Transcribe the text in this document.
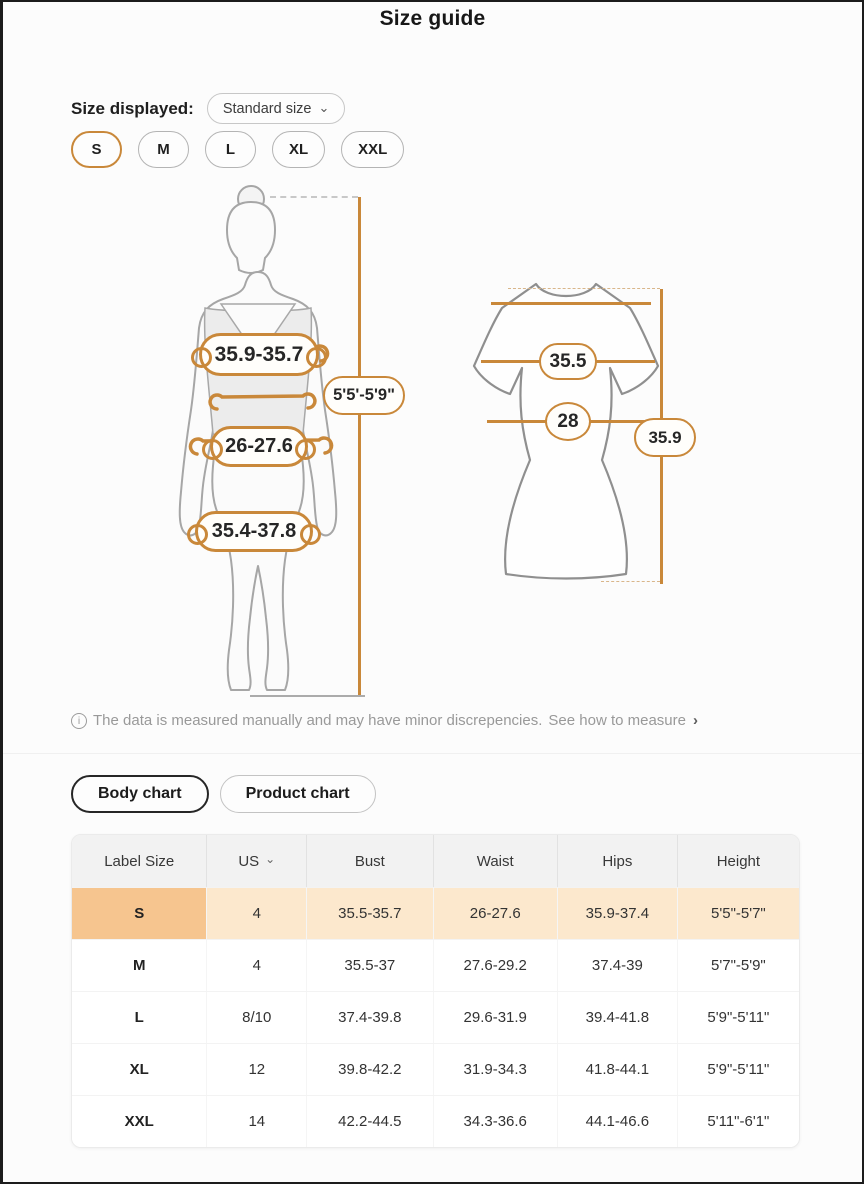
Size guide
Size displayed: Standard size ⌄
S	M	L	XL	XXL
35.9-35.7
26-27.6
35.4-37.8
5'5'-5'9"
35.5
28
35.9
i The data is measured manually and may have minor discrepencies. See how to measure ›
Body chart	Product chart
Label Size	US ⌄	Bust	Waist	Hips	Height
S	4	35.5-35.7	26-27.6	35.9-37.4	5'5"-5'7"
M	4	35.5-37	27.6-29.2	37.4-39	5'7"-5'9"
L	8/10	37.4-39.8	29.6-31.9	39.4-41.8	5'9"-5'11"
XL	12	39.8-42.2	31.9-34.3	41.8-44.1	5'9"-5'11"
XXL	14	42.2-44.5	34.3-36.6	44.1-46.6	5'11"-6'1"
